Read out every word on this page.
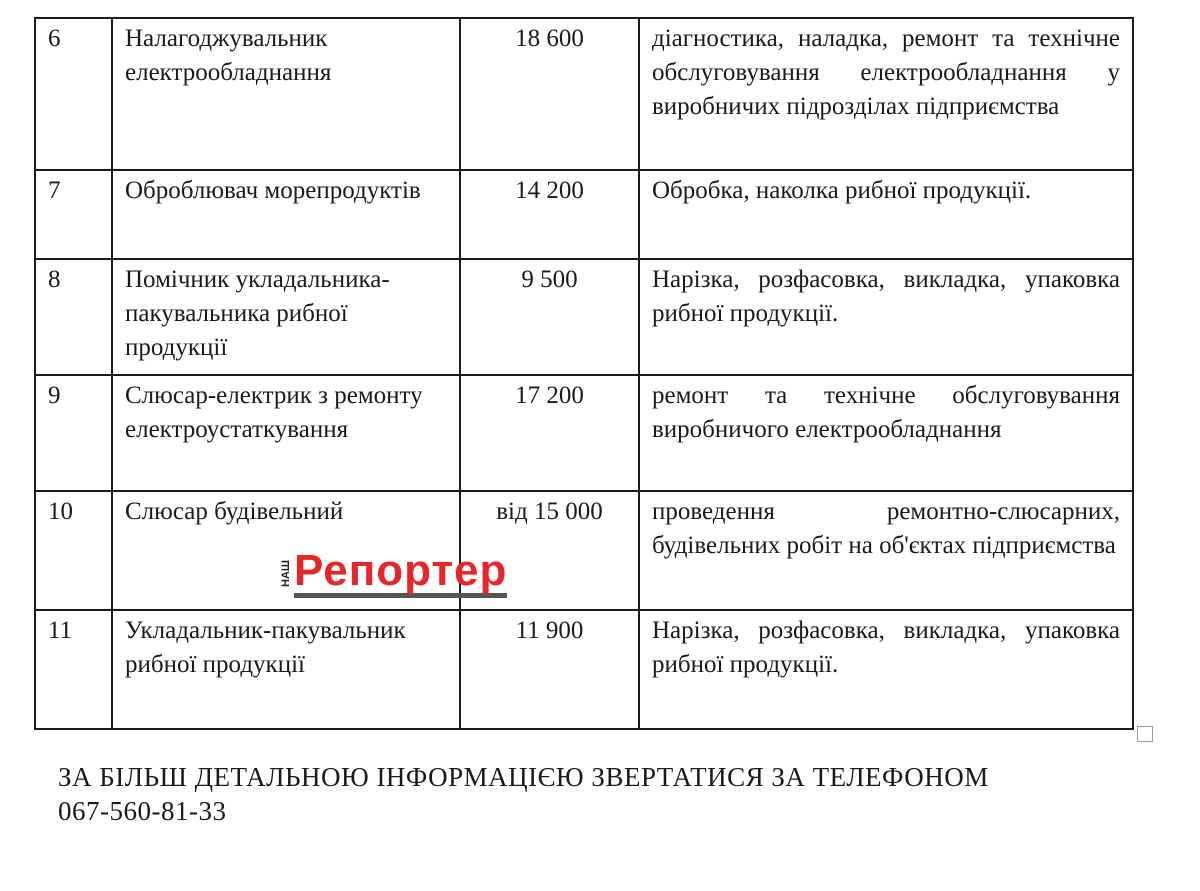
6	Налагоджувальник електрообладнання	18 600	діагностика, наладка, ремонт та технічне обслуговування електрообладнання у виробничих підрозділах підприємства
7	Оброблювач морепродуктів	14 200	Обробка, наколка рибної продукції.
8	Помічник укладальника-пакувальника рибної продукції	9 500	Нарізка, розфасовка, викладка, упаковка рибної продукції.
9	Слюсар-електрик з ремонту електроустаткування	17 200	ремонт та технічне обслуговування виробничого електрообладнання
10	Слюсар будівельний	від 15 000	проведення ремонтно-слюсарних, будівельних робіт на об'єктах підприємства
11	Укладальник-пакувальник рибної продукції	11 900	Нарізка, розфасовка, викладка, упаковка рибної продукції.
НАШ Репортер
ЗА БІЛЬШ ДЕТАЛЬНОЮ ІНФОРМАЦІЄЮ ЗВЕРТАТИСЯ ЗА ТЕЛЕФОНОМ
067-560-81-33
